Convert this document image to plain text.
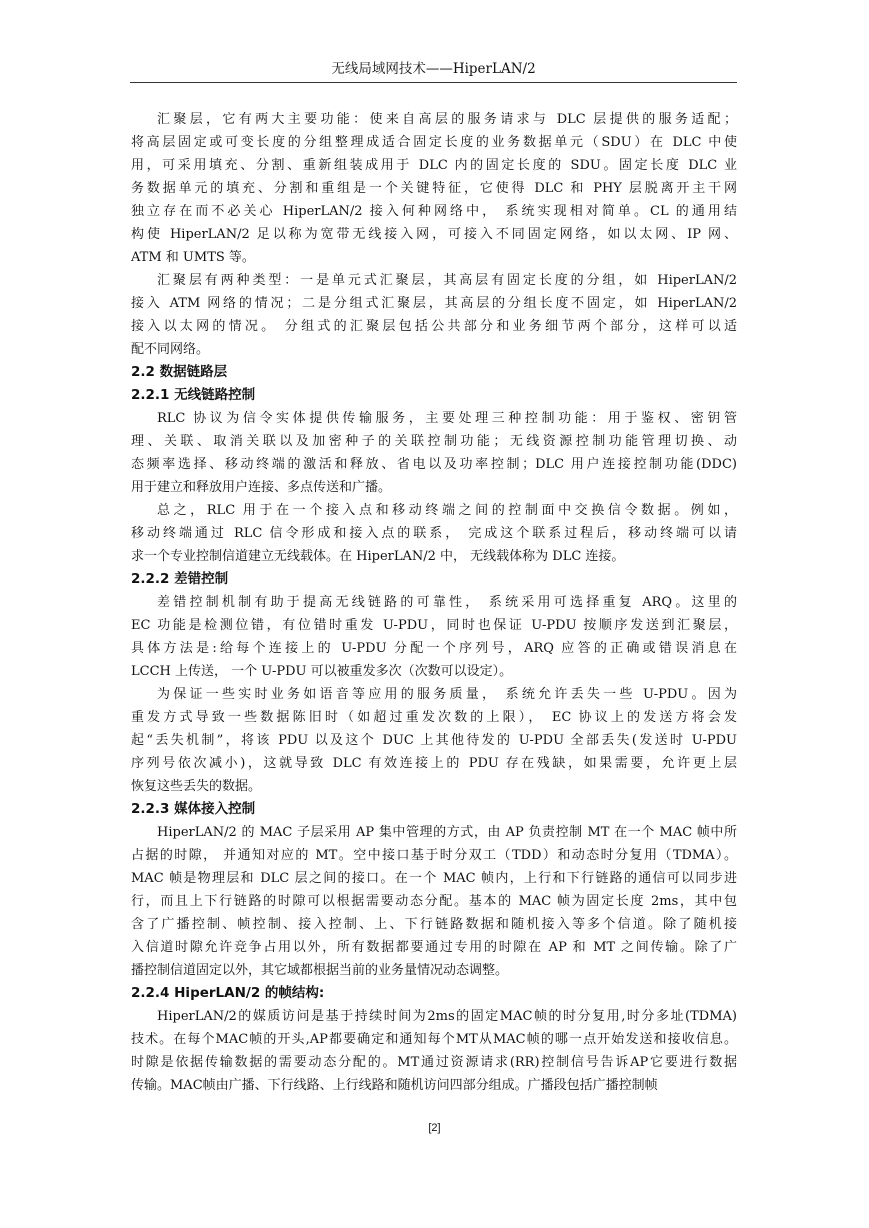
无线局域网技术——HiperLAN/2
汇聚层，它有两大主要功能：使来自高层的服务请求与 DLC 层提供的服务适配；
将高层固定或可变长度的分组整理成适合固定长度的业务数据单元（SDU）在 DLC 中使
用，可采用填充、分割、重新组装成用于 DLC 内的固定长度的 SDU。固定长度 DLC 业
务数据单元的填充、分割和重组是一个关键特征，它使得 DLC 和 PHY 层脱离开主干网
独立存在而不必关心 HiperLAN/2 接入何种网络中， 系统实现相对简单。CL 的通用结
构使 HiperLAN/2 足以称为宽带无线接入网，可接入不同固定网络，如以太网、IP 网、
ATM 和 UMTS 等。
汇聚层有两种类型：一是单元式汇聚层，其高层有固定长度的分组，如 HiperLAN/2
接入 ATM 网络的情况；二是分组式汇聚层，其高层的分组长度不固定，如 HiperLAN/2
接入以太网的情况。 分组式的汇聚层包括公共部分和业务细节两个部分，这样可以适
配不同网络。
2.2 数据链路层
2.2.1 无线链路控制
RLC 协议为信令实体提供传输服务，主要处理三种控制功能：用于鉴权、密钥管
理、关联、取消关联以及加密种子的关联控制功能；无线资源控制功能管理切换、动
态频率选择、移动终端的激活和释放、省电以及功率控制；DLC 用户连接控制功能(DDC)
用于建立和释放用户连接、多点传送和广播。
总之，RLC 用于在一个接入点和移动终端之间的控制面中交换信令数据。例如，
移动终端通过 RLC 信令形成和接入点的联系， 完成这个联系过程后，移动终端可以请
求一个专业控制信道建立无线载体。在 HiperLAN/2 中， 无线载体称为 DLC 连接。
2.2.2 差错控制
差错控制机制有助于提高无线链路的可靠性， 系统采用可选择重复 ARQ。这里的
EC 功能是检测位错，有位错时重发 U-PDU，同时也保证 U-PDU 按顺序发送到汇聚层，
具体方法是:给每个连接上的 U-PDU 分配一个序列号，ARQ 应答的正确或错误消息在
LCCH 上传送， 一个 U-PDU 可以被重发多次（次数可以设定）。
为保证一些实时业务如语音等应用的服务质量， 系统允许丢失一些 U-PDU。因为
重发方式导致一些数据陈旧时（如超过重发次数的上限）， EC 协议上的发送方将会发
起“丢失机制”，将该 PDU 以及这个 DUC 上其他待发的 U-PDU 全部丢失(发送时 U-PDU
序列号依次减小)，这就导致 DLC 有效连接上的 PDU 存在残缺，如果需要，允许更上层
恢复这些丢失的数据。
2.2.3 媒体接入控制
HiperLAN/2 的 MAC 子层采用 AP 集中管理的方式，由 AP 负责控制 MT 在一个 MAC 帧中所
占据的时隙， 并通知对应的 MT。空中接口基于时分双工（TDD）和动态时分复用（TDMA）。
MAC 帧是物理层和 DLC 层之间的接口。在一个 MAC 帧内，上行和下行链路的通信可以同步进
行，而且上下行链路的时隙可以根据需要动态分配。基本的 MAC 帧为固定长度 2ms，其中包
含了广播控制、帧控制、接入控制、上、下行链路数据和随机接入等多个信道。除了随机接
入信道时隙允许竞争占用以外，所有数据都要通过专用的时隙在 AP 和 MT 之间传输。除了广
播控制信道固定以外，其它域都根据当前的业务量情况动态调整。
2.2.4 HiperLAN/2 的帧结构:
HiperLAN/2的媒质访问是基于持续时间为2ms的固定MAC帧的时分复用,时分多址(TDMA)
技术。在每个MAC帧的开头,AP都要确定和通知每个MT从MAC帧的哪一点开始发送和接收信息。
时隙是依据传输数据的需要动态分配的。MT通过资源请求(RR)控制信号告诉AP它要进行数据
传输。MAC帧由广播、下行线路、上行线路和随机访问四部分组成。广播段包括广播控制帧
[2]
